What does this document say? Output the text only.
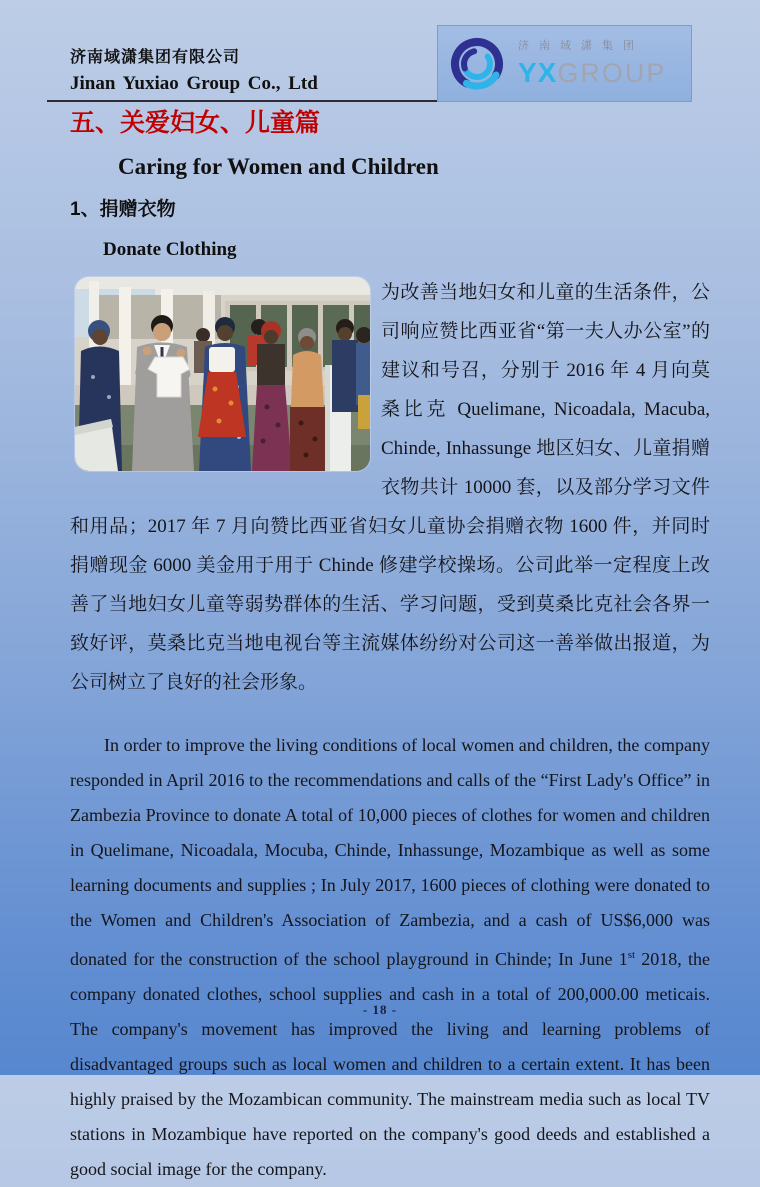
济南域潇集团有限公司
Jinan Yuxiao Group Co., Ltd
济南域潇集团
YX GROUP
五、关爱妇女、儿童篇
Caring for Women and Children
1、捐赠衣物
Donate Clothing
为改善当地妇女和儿童的生活条件，公司响应赞比西亚省“第一夫人办公室”的建议和号召，分别于 2016 年 4 月向莫桑比克 Quelimane, Nicoadala, Macuba, Chinde, Inhassunge 地区妇女、儿童捐赠衣物共计 10000 套，以及部分学习文件和用品；2017 年 7 月向赞比西亚省妇女儿童协会捐赠衣物 1600 件，并同时捐赠现金 6000 美金用于用于 Chinde 修建学校操场。公司此举一定程度上改善了当地妇女儿童等弱势群体的生活、学习问题，受到莫桑比克社会各界一致好评，莫桑比克当地电视台等主流媒体纷纷对公司这一善举做出报道，为公司树立了良好的社会形象。

In order to improve the living conditions of local women and children, the company responded in April 2016 to the recommendations and calls of the “First Lady's Office” in Zambezia Province to donate A total of 10,000 pieces of clothes for women and children in Quelimane, Nicoadala, Mocuba, Chinde, Inhassunge, Mozambique as well as some learning documents and supplies ; In July 2017, 1600 pieces of clothing were donated to the Women and Children's Association of Zambezia, and a cash of US$6,000 was donated for the construction of the school playground in Chinde; In June 1st 2018, the company donated clothes, school supplies and cash in a total of 200,000.00 meticais. The company's movement has improved the living and learning problems of disadvantaged groups such as local women and children to a certain extent. It has been highly praised by the Mozambican community. The mainstream media such as local TV stations in Mozambique have reported on the company's good deeds and established a good social image for the company.

- 18 -
